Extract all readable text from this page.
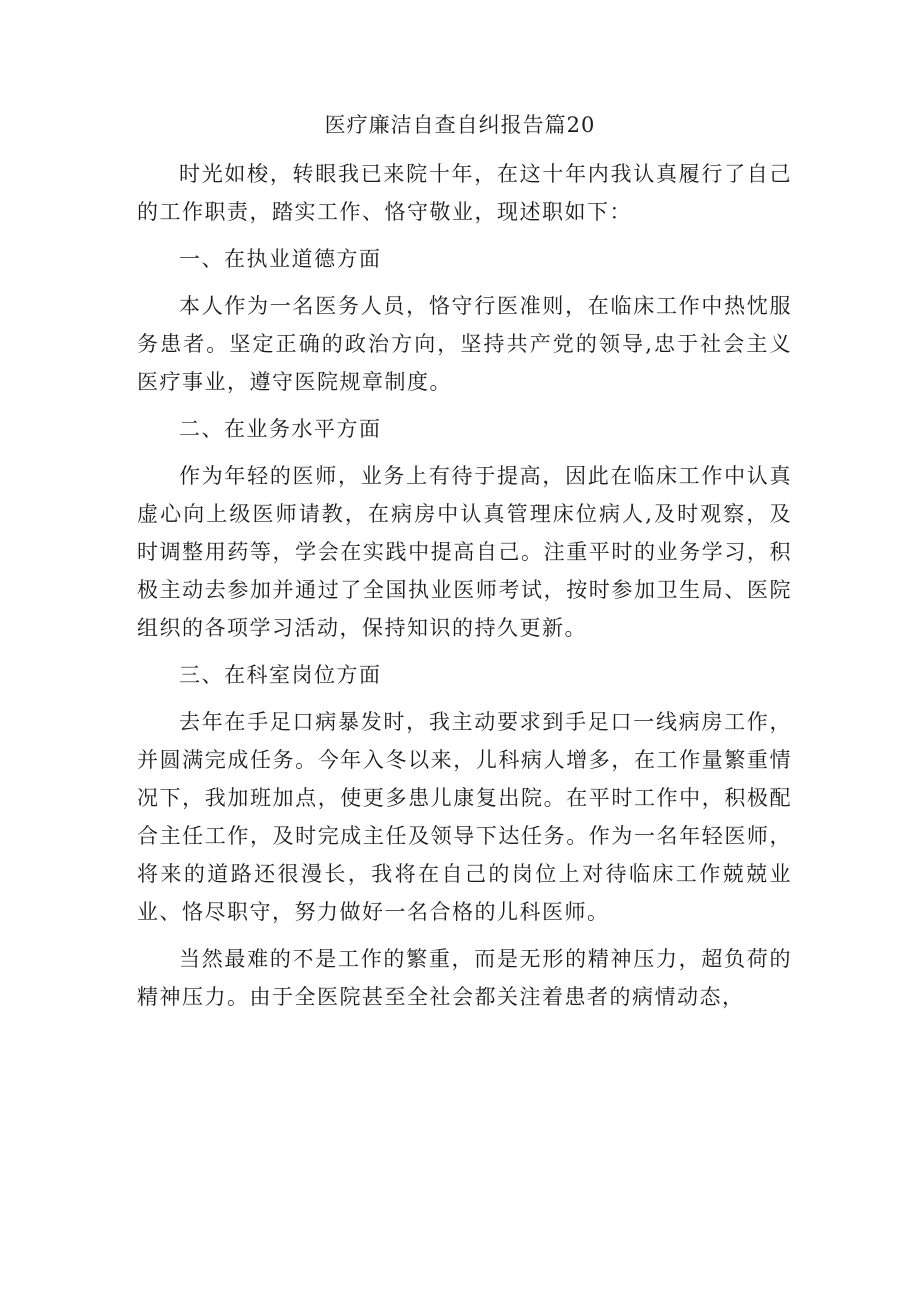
医疗廉洁自查自纠报告篇20

时光如梭，转眼我已来院十年，在这十年内我认真履行了自己的工作职责，踏实工作、恪守敬业，现述职如下：

一、在执业道德方面

本人作为一名医务人员，恪守行医准则，在临床工作中热忱服务患者。坚定正确的政治方向，坚持共产党的领导,忠于社会主义医疗事业，遵守医院规章制度。

二、在业务水平方面

作为年轻的医师，业务上有待于提高，因此在临床工作中认真虚心向上级医师请教，在病房中认真管理床位病人,及时观察，及时调整用药等，学会在实践中提高自己。注重平时的业务学习，积极主动去参加并通过了全国执业医师考试，按时参加卫生局、医院组织的各项学习活动，保持知识的持久更新。

三、在科室岗位方面

去年在手足口病暴发时，我主动要求到手足口一线病房工作，并圆满完成任务。今年入冬以来，儿科病人增多，在工作量繁重情况下，我加班加点，使更多患儿康复出院。在平时工作中，积极配合主任工作，及时完成主任及领导下达任务。作为一名年轻医师，将来的道路还很漫长，我将在自己的岗位上对待临床工作兢兢业业、恪尽职守，努力做好一名合格的儿科医师。

当然最难的不是工作的繁重，而是无形的精神压力，超负荷的精神压力。由于全医院甚至全社会都关注着患者的病情动态，
